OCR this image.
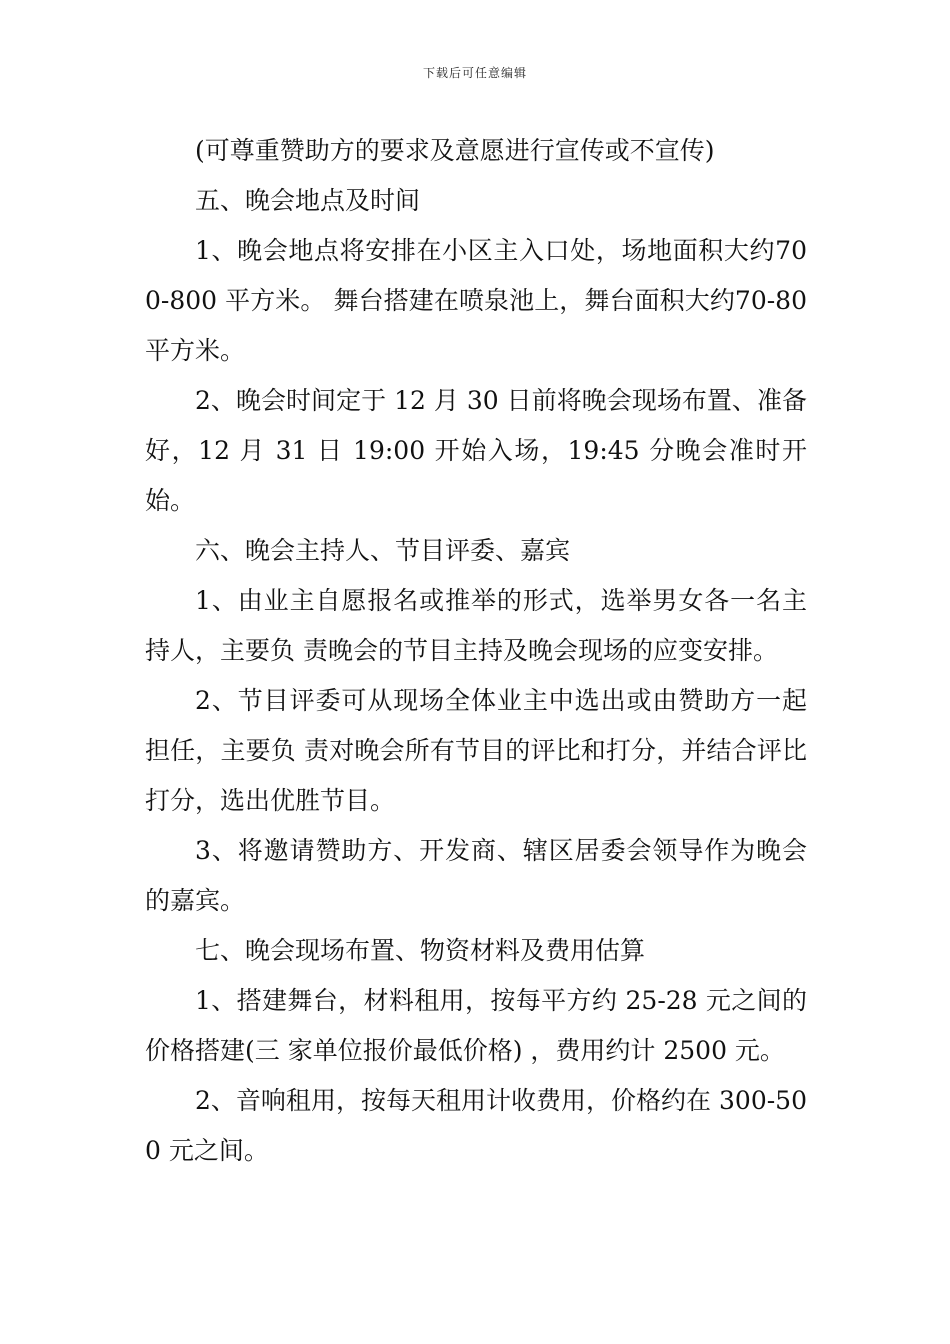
下载后可任意编辑

(可尊重赞助方的要求及意愿进行宣传或不宣传)

五、晚会地点及时间

1、晚会地点将安排在小区主入口处，场地面积大约700-800 平方米。 舞台搭建在喷泉池上，舞台面积大约70-80 平方米。

2、晚会时间定于 12 月 30 日前将晚会现场布置、准备好，12 月 31 日 19:00 开始入场，19:45 分晚会准时开始。

六、晚会主持人、节目评委、嘉宾

1、由业主自愿报名或推举的形式，选举男女各一名主持人，主要负 责晚会的节目主持及晚会现场的应变安排。

2、节目评委可从现场全体业主中选出或由赞助方一起担任，主要负 责对晚会所有节目的评比和打分，并结合评比打分，选出优胜节目。

3、将邀请赞助方、开发商、辖区居委会领导作为晚会的嘉宾。

七、晚会现场布置、物资材料及费用估算

1、搭建舞台，材料租用，按每平方约 25-28 元之间的价格搭建(三 家单位报价最低价格) ，费用约计 2500 元。

2、音响租用，按每天租用计收费用，价格约在 300-500 元之间。
